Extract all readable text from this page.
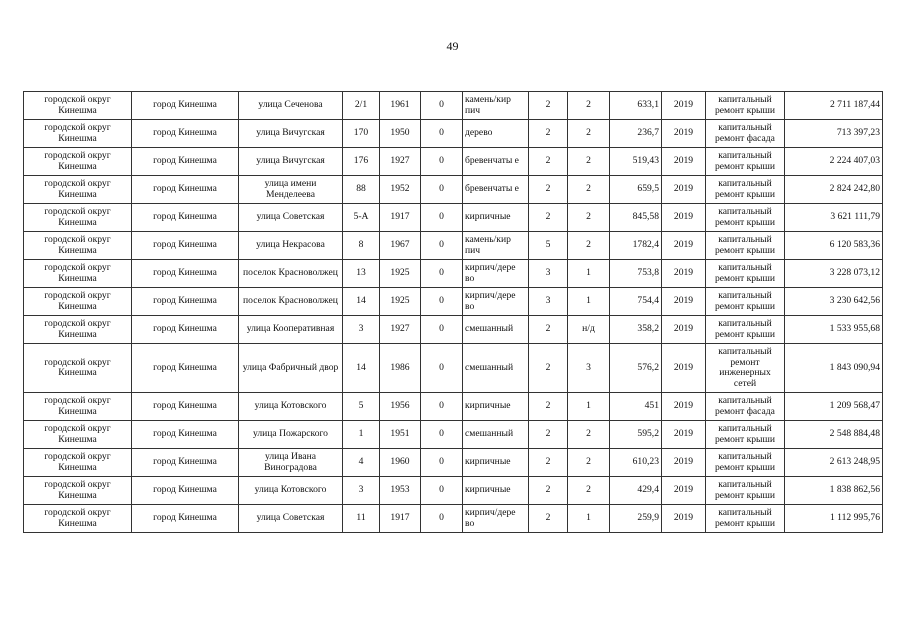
49
городской округ Кинешма	город Кинешма	улица Сеченова	2/1	1961	0	камень/кир пич	2	2	633,1	2019	капитальный ремонт крыши	2 711 187,44
городской округ Кинешма	город Кинешма	улица Вичугская	170	1950	0	дерево	2	2	236,7	2019	капитальный ремонт фасада	713 397,23
городской округ Кинешма	город Кинешма	улица Вичугская	176	1927	0	бревенчаты е	2	2	519,43	2019	капитальный ремонт крыши	2 224 407,03
городской округ Кинешма	город Кинешма	улица имени Менделеева	88	1952	0	бревенчаты е	2	2	659,5	2019	капитальный ремонт крыши	2 824 242,80
городской округ Кинешма	город Кинешма	улица Советская	5-А	1917	0	кирпичные	2	2	845,58	2019	капитальный ремонт крыши	3 621 111,79
городской округ Кинешма	город Кинешма	улица Некрасова	8	1967	0	камень/кир пич	5	2	1782,4	2019	капитальный ремонт крыши	6 120 583,36
городской округ Кинешма	город Кинешма	поселок Красноволжец	13	1925	0	кирпич/дере во	3	1	753,8	2019	капитальный ремонт крыши	3 228 073,12
городской округ Кинешма	город Кинешма	поселок Красноволжец	14	1925	0	кирпич/дере во	3	1	754,4	2019	капитальный ремонт крыши	3 230 642,56
городской округ Кинешма	город Кинешма	улица Кооперативная	3	1927	0	смешанный	2	н/д	358,2	2019	капитальный ремонт крыши	1 533 955,68
городской округ Кинешма	город Кинешма	улица Фабричный двор	14	1986	0	смешанный	2	3	576,2	2019	капитальный ремонт инженерных сетей	1 843 090,94
городской округ Кинешма	город Кинешма	улица Котовского	5	1956	0	кирпичные	2	1	451	2019	капитальный ремонт фасада	1 209 568,47
городской округ Кинешма	город Кинешма	улица Пожарского	1	1951	0	смешанный	2	2	595,2	2019	капитальный ремонт крыши	2 548 884,48
городской округ Кинешма	город Кинешма	улица Ивана Виноградова	4	1960	0	кирпичные	2	2	610,23	2019	капитальный ремонт крыши	2 613 248,95
городской округ Кинешма	город Кинешма	улица Котовского	3	1953	0	кирпичные	2	2	429,4	2019	капитальный ремонт крыши	1 838 862,56
городской округ Кинешма	город Кинешма	улица Советская	11	1917	0	кирпич/дере во	2	1	259,9	2019	капитальный ремонт крыши	1 112 995,76
